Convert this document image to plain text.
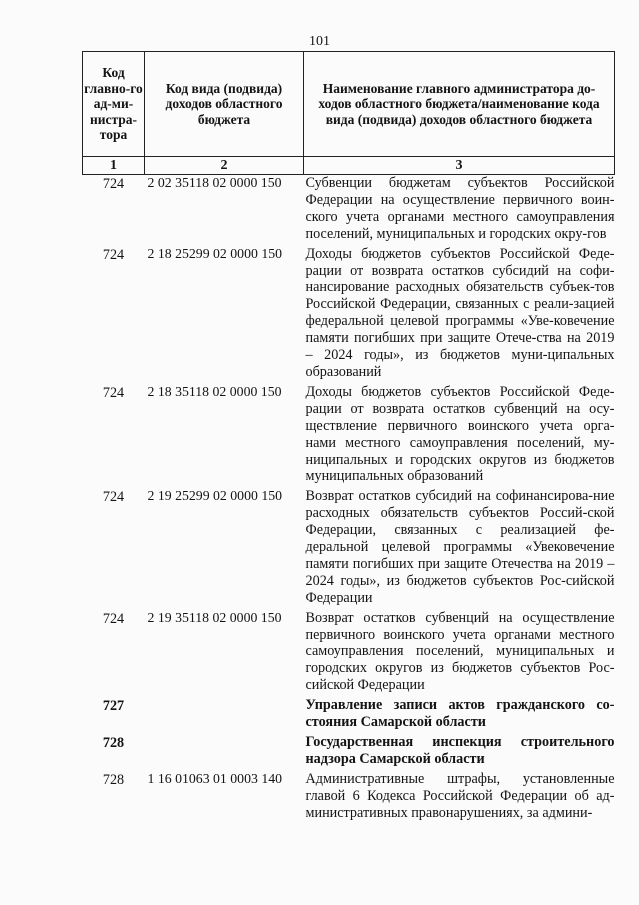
101
Код главно-го ад-ми-нистра-тора	Код вида (подвида) доходов областного бюджета	Наименование главного администратора до-ходов областного бюджета/наименование кода вида (подвида) доходов областного бюджета
1	2	3
724	2 02 35118 02 0000 150	Субвенции бюджетам субъектов Российской Федерации на осуществление первичного воин-ского учета органами местного самоуправления поселений, муниципальных и городских окру-гов
724	2 18 25299 02 0000 150	Доходы бюджетов субъектов Российской Феде-рации от возврата остатков субсидий на софи-нансирование расходных обязательств субъек-тов Российской Федерации, связанных с реали-зацией федеральной целевой программы «Уве-ковечение памяти погибших при защите Отече-ства на 2019 – 2024 годы», из бюджетов муни-ципальных образований
724	2 18 35118 02 0000 150	Доходы бюджетов субъектов Российской Феде-рации от возврата остатков субвенций на осу-ществление первичного воинского учета орга-нами местного самоуправления поселений, му-ниципальных и городских округов из бюджетов муниципальных образований
724	2 19 25299 02 0000 150	Возврат остатков субсидий на софинансирова-ние расходных обязательств субъектов Россий-ской Федерации, связанных с реализацией фе-деральной целевой программы «Увековечение памяти погибших при защите Отечества на 2019 – 2024 годы», из бюджетов субъектов Рос-сийской Федерации
724	2 19 35118 02 0000 150	Возврат остатков субвенций на осуществление первичного воинского учета органами местного самоуправления поселений, муниципальных и городских округов из бюджетов субъектов Рос-сийской Федерации
727		Управление записи актов гражданского со-стояния Самарской области
728		Государственная инспекция строительного надзора Самарской области
728	1 16 01063 01 0003 140	Административные штрафы, установленные главой 6 Кодекса Российской Федерации об ад-министративных правонарушениях, за админи-
